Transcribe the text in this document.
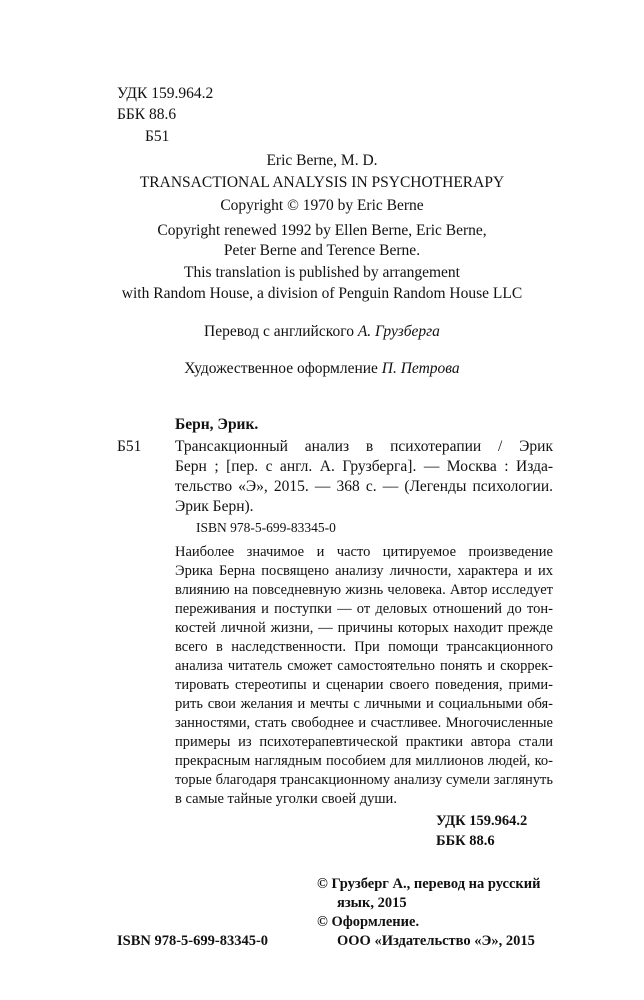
УДК 159.964.2
ББК 88.6
Б51
Eric Berne, M. D.
TRANSACTIONAL ANALYSIS IN PSYCHOTHERAPY
Copyright © 1970 by Eric Berne
Copyright renewed 1992 by Ellen Berne, Eric Berne,
Peter Berne and Terence Berne.
This translation is published by arrangement
with Random House, a division of Penguin Random House LLC
Перевод с английского А. Грузберга
Художественное оформление П. Петрова
Берн, Эрик.
Б51 Трансакционный анализ в психотерапии / Эрик
Берн ; [пер. с англ. А. Грузберга]. — Москва : Изда-
тельство «Э», 2015. — 368 с. — (Легенды психологии.
Эрик Берн).
ISBN 978-5-699-83345-0
Наиболее значимое и часто цитируемое произведение
Эрика Берна посвящено анализу личности, характера и их
влиянию на повседневную жизнь человека. Автор исследует
переживания и поступки — от деловых отношений до тон-
костей личной жизни, — причины которых находит прежде
всего в наследственности. При помощи трансакционного
анализа читатель сможет самостоятельно понять и скоррек-
тировать стереотипы и сценарии своего поведения, прими-
рить свои желания и мечты с личными и социальными обя-
занностями, стать свободнее и счастливее. Многочисленные
примеры из психотерапевтической практики автора стали
прекрасным наглядным пособием для миллионов людей, ко-
торые благодаря трансакционному анализу сумели заглянуть
в самые тайные уголки своей души.
УДК 159.964.2
ББК 88.6
© Грузберг А., перевод на русский
язык, 2015
© Оформление.
ISBN 978-5-699-83345-0	ООО «Издательство «Э», 2015
